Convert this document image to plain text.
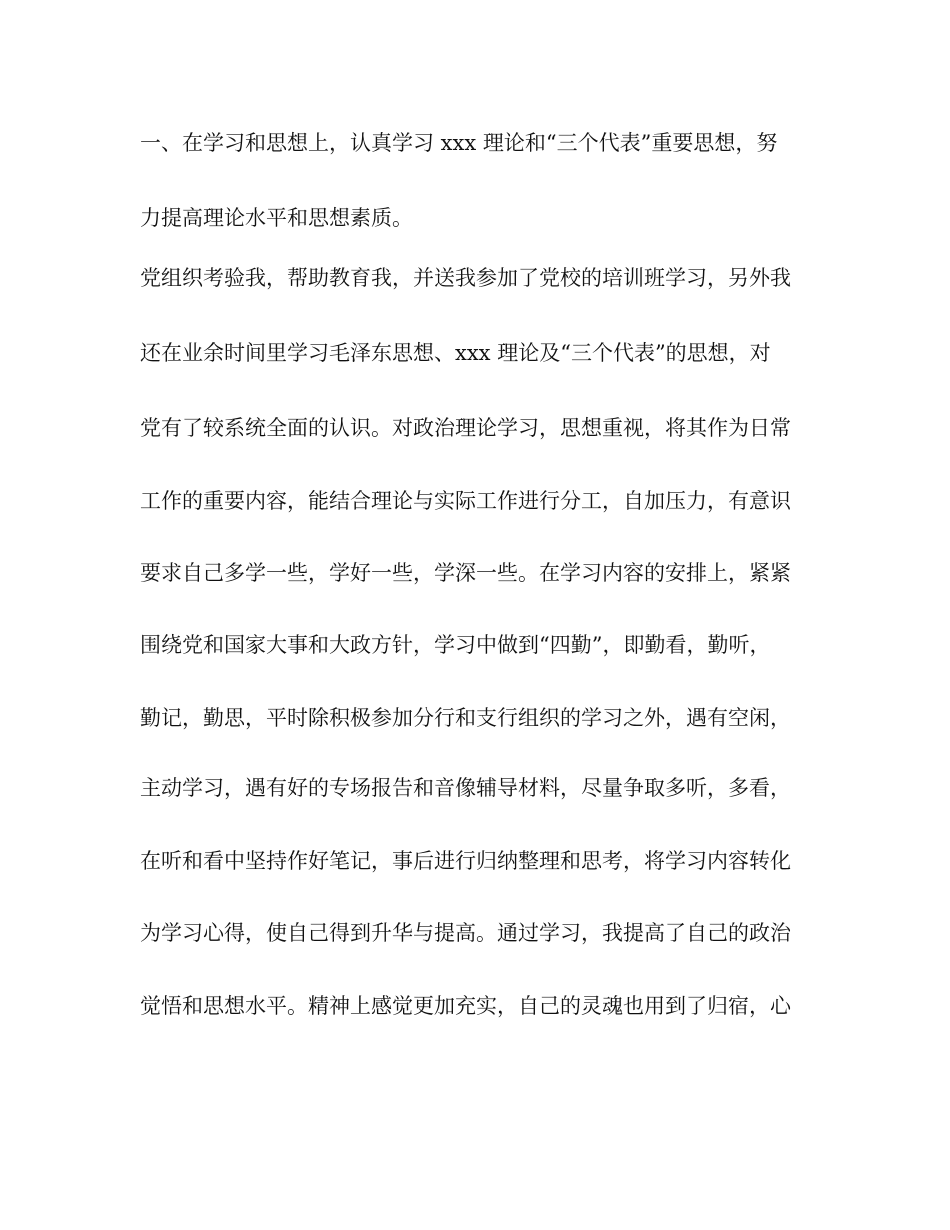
一、在学习和思想上，认真学习 xxx 理论和“三个代表”重要思想，努
力提高理论水平和思想素质。
党组织考验我，帮助教育我，并送我参加了党校的培训班学习，另外我
还在业余时间里学习毛泽东思想、xxx 理论及“三个代表”的思想，对
党有了较系统全面的认识。对政治理论学习，思想重视，将其作为日常
工作的重要内容，能结合理论与实际工作进行分工，自加压力，有意识
要求自己多学一些，学好一些，学深一些。在学习内容的安排上，紧紧
围绕党和国家大事和大政方针，学习中做到“四勤”，即勤看，勤听，
勤记，勤思，平时除积极参加分行和支行组织的学习之外，遇有空闲，
主动学习，遇有好的专场报告和音像辅导材料，尽量争取多听，多看，
在听和看中坚持作好笔记，事后进行归纳整理和思考，将学习内容转化
为学习心得，使自己得到升华与提高。通过学习，我提高了自己的政治
觉悟和思想水平。精神上感觉更加充实，自己的灵魂也用到了归宿，心
